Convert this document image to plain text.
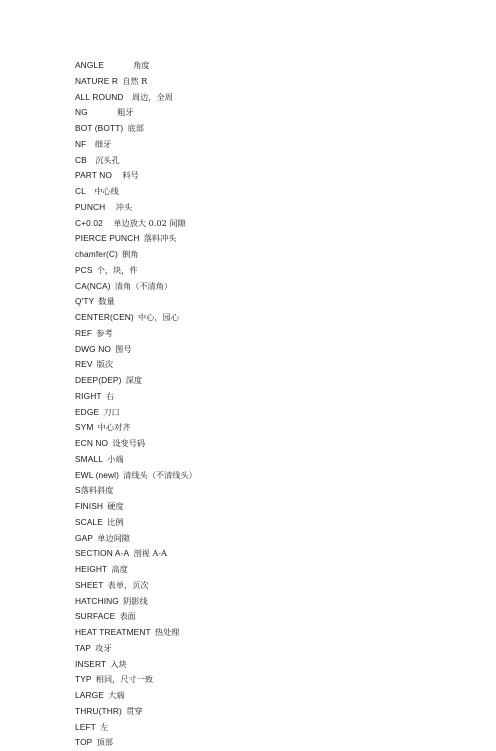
ANGLE	角度
NATURE R 自然 R
ALL ROUND 周边，全周
NG	粗牙
BOT (BOTT) 底部
NF 细牙
CB 沉头孔
PART NO 料号
CL 中心线
PUNCH 冲头
C+0.02 单边放大 0.02 间隙
PIERCE PUNCH 落料冲头
chamfer(C) 倒角
PCS 个，块，件
CA(NCA) 清角（不清角）
Q'TY 数量
CENTER(CEN) 中心，园心
REF 参考
DWG NO 图号
REV 版次
DEEP(DEP) 深度
RIGHT 右
EDGE 刀口
SYM 中心对齐
ECN NO 设变号码
SMALL 小端
EWL (newl) 清线头（不清线头）
S落料斜度
FINISH 硬度
SCALE 比例
GAP 单边间隙
SECTION A-A 剖视 A-A
HEIGHT 高度
SHEET 表单，页次
HATCHING 阴影线
SURFACE 表面
HEAT TREATMENT 热处理
TAP 攻牙
INSERT 入块
TYP 相同，尺寸一致
LARGE 大端
THRU(THR) 贯穿
LEFT 左
TOP 顶部
